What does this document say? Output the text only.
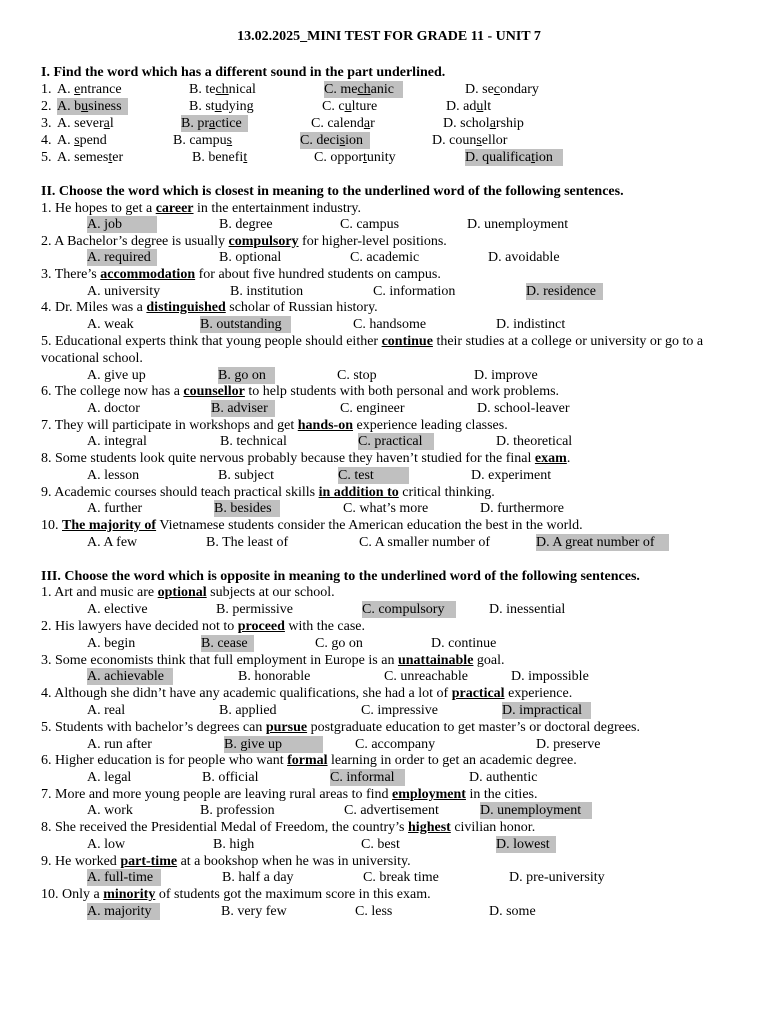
13.02.2025_MINI TEST FOR GRADE 11 - UNIT 7
I. Find the word which has a different sound in the part underlined.
1. A. entrance	B. technical	C. mechanic	D. secondary
2. A. business	B. studying	C. culture	D. adult
3. A. several	B. practice	C. calendar	D. scholarship
4. A. spend	B. campus	C. decision	D. counsellor
5. A. semester	B. benefit	C. opportunity	D. qualification
II. Choose the word which is closest in meaning to the underlined word of the following sentences.
1. He hopes to get a career in the entertainment industry.
A. job	B. degree	C. campus	D. unemployment
2. A Bachelor’s degree is usually compulsory for higher-level positions.
A. required	B. optional	C. academic	D. avoidable
3. There’s accommodation for about five hundred students on campus.
A. university	B. institution	C. information	D. residence
4. Dr. Miles was a distinguished scholar of Russian history.
A. weak	B. outstanding	C. handsome	D. indistinct
5. Educational experts think that young people should either continue their studies at a college or university or go to a vocational school.
A. give up	B. go on	C. stop	D. improve
6. The college now has a counsellor to help students with both personal and work problems.
A. doctor	B. adviser	C. engineer	D. school-leaver
7. They will participate in workshops and get hands-on experience leading classes.
A. integral	B. technical	C. practical	D. theoretical
8. Some students look quite nervous probably because they haven’t studied for the final exam.
A. lesson	B. subject	C. test	D. experiment
9. Academic courses should teach practical skills in addition to critical thinking.
A. further	B. besides	C. what’s more	D. furthermore
10. The majority of Vietnamese students consider the American education the best in the world.
A. A few	B. The least of	C. A smaller number of	D. A great number of
III. Choose the word which is opposite in meaning to the underlined word of the following sentences.
1. Art and music are optional subjects at our school.
A. elective	B. permissive	C. compulsory	D. inessential
2. His lawyers have decided not to proceed with the case.
A. begin	B. cease	C. go on	D. continue
3. Some economists think that full employment in Europe is an unattainable goal.
A. achievable	B. honorable	C. unreachable	D. impossible
4. Although she didn’t have any academic qualifications, she had a lot of practical experience.
A. real	B. applied	C. impressive	D. impractical
5. Students with bachelor’s degrees can pursue postgraduate education to get master’s or doctoral degrees.
A. run after	B. give up	C. accompany	D. preserve
6. Higher education is for people who want formal learning in order to get an academic degree.
A. legal	B. official	C. informal	D. authentic
7. More and more young people are leaving rural areas to find employment in the cities.
A. work	B. profession	C. advertisement	D. unemployment
8. She received the Presidential Medal of Freedom, the country’s highest civilian honor.
A. low	B. high	C. best	D. lowest
9. He worked part-time at a bookshop when he was in university.
A. full-time	B. half a day	C. break time	D. pre-university
10. Only a minority of students got the maximum score in this exam.
A. majority	B. very few	C. less	D. some
